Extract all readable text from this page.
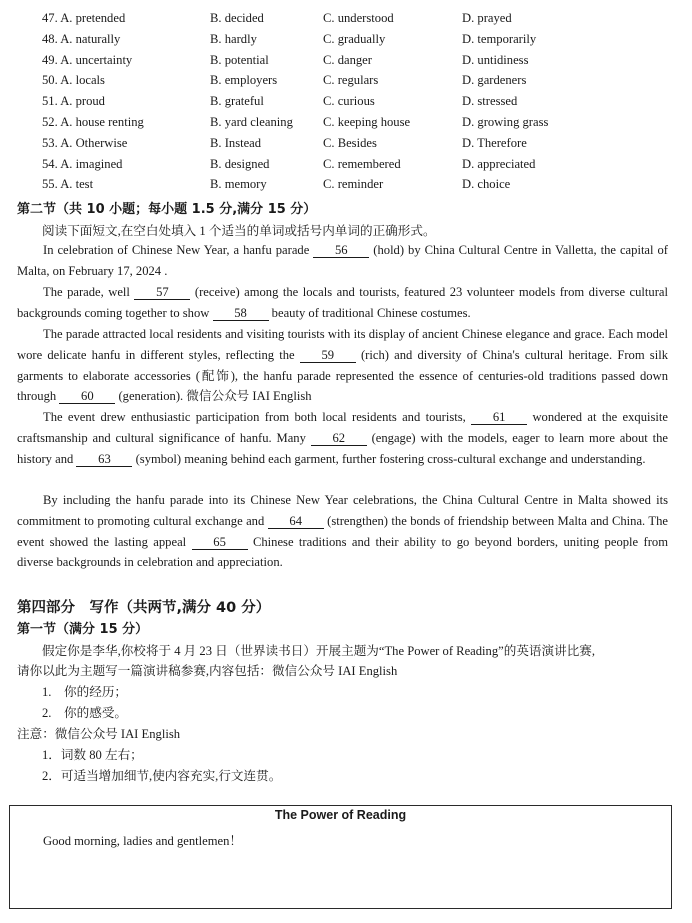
47. A. pretended	B. decided	C. understood	D. prayed
48. A. naturally	B. hardly	C. gradually	D. temporarily
49. A. uncertainty	B. potential	C. danger	D. untidiness
50. A. locals	B. employers	C. regulars	D. gardeners
51. A. proud	B. grateful	C. curious	D. stressed
52. A. house renting	B. yard cleaning C. keeping house	D. growing grass
53. A. Otherwise	B. Instead	C. Besides	D. Therefore
54. A. imagined	B. designed	C. remembered	D. appreciated
55. A. test	B. memory	C. reminder	D. choice
第二节（共 10 小题；每小题 1.5 分,满分 15 分）
阅读下面短文,在空白处填入 1 个适当的单词或括号内单词的正确形式。
In celebration of Chinese New Year, a hanfu parade 56 (hold) by China Cultural Centre in Valletta, the capital of Malta, on February 17, 2024 .
The parade, well 57 (receive) among the locals and tourists, featured 23 volunteer models from diverse cultural backgrounds coming together to show 58 beauty of traditional Chinese costumes.
The parade attracted local residents and visiting tourists with its display of ancient Chinese elegance and grace. Each model wore delicate hanfu in different styles, reflecting the 59 (rich) and diversity of China's cultural heritage. From silk garments to elaborate accessories (配饰), the hanfu parade represented the essence of centuries-old traditions passed down through 60 (generation). 微信公众号 IAI English
The event drew enthusiastic participation from both local residents and tourists, 61 wondered at the exquisite craftsmanship and cultural significance of hanfu. Many 62 (engage) with the models, eager to learn more about the history and 63 (symbol) meaning behind each garment, further fostering cross-cultural exchange and understanding.
By including the hanfu parade into its Chinese New Year celebrations, the China Cultural Centre in Malta showed its commitment to promoting cultural exchange and 64 (strengthen) the bonds of friendship between Malta and China. The event showed the lasting appeal 65 Chinese traditions and their ability to go beyond borders, uniting people from diverse backgrounds in celebration and appreciation.
第四部分　写作（共两节,满分 40 分）
第一节（满分 15 分）
假定你是李华,你校将于 4 月 23 日（世界读书日）开展主题为“The Power of Reading”的英语演讲比赛,
请你以此为主题写一篇演讲稿参赛,内容包括：微信公众号 IAI English
1.　你的经历；
2.　你的感受。
注意：微信公众号 IAI English
1．词数 80 左右；
2．可适当增加细节,使内容充实,行文连贯。
The Power of Reading
Good morning, ladies and gentlemen！
